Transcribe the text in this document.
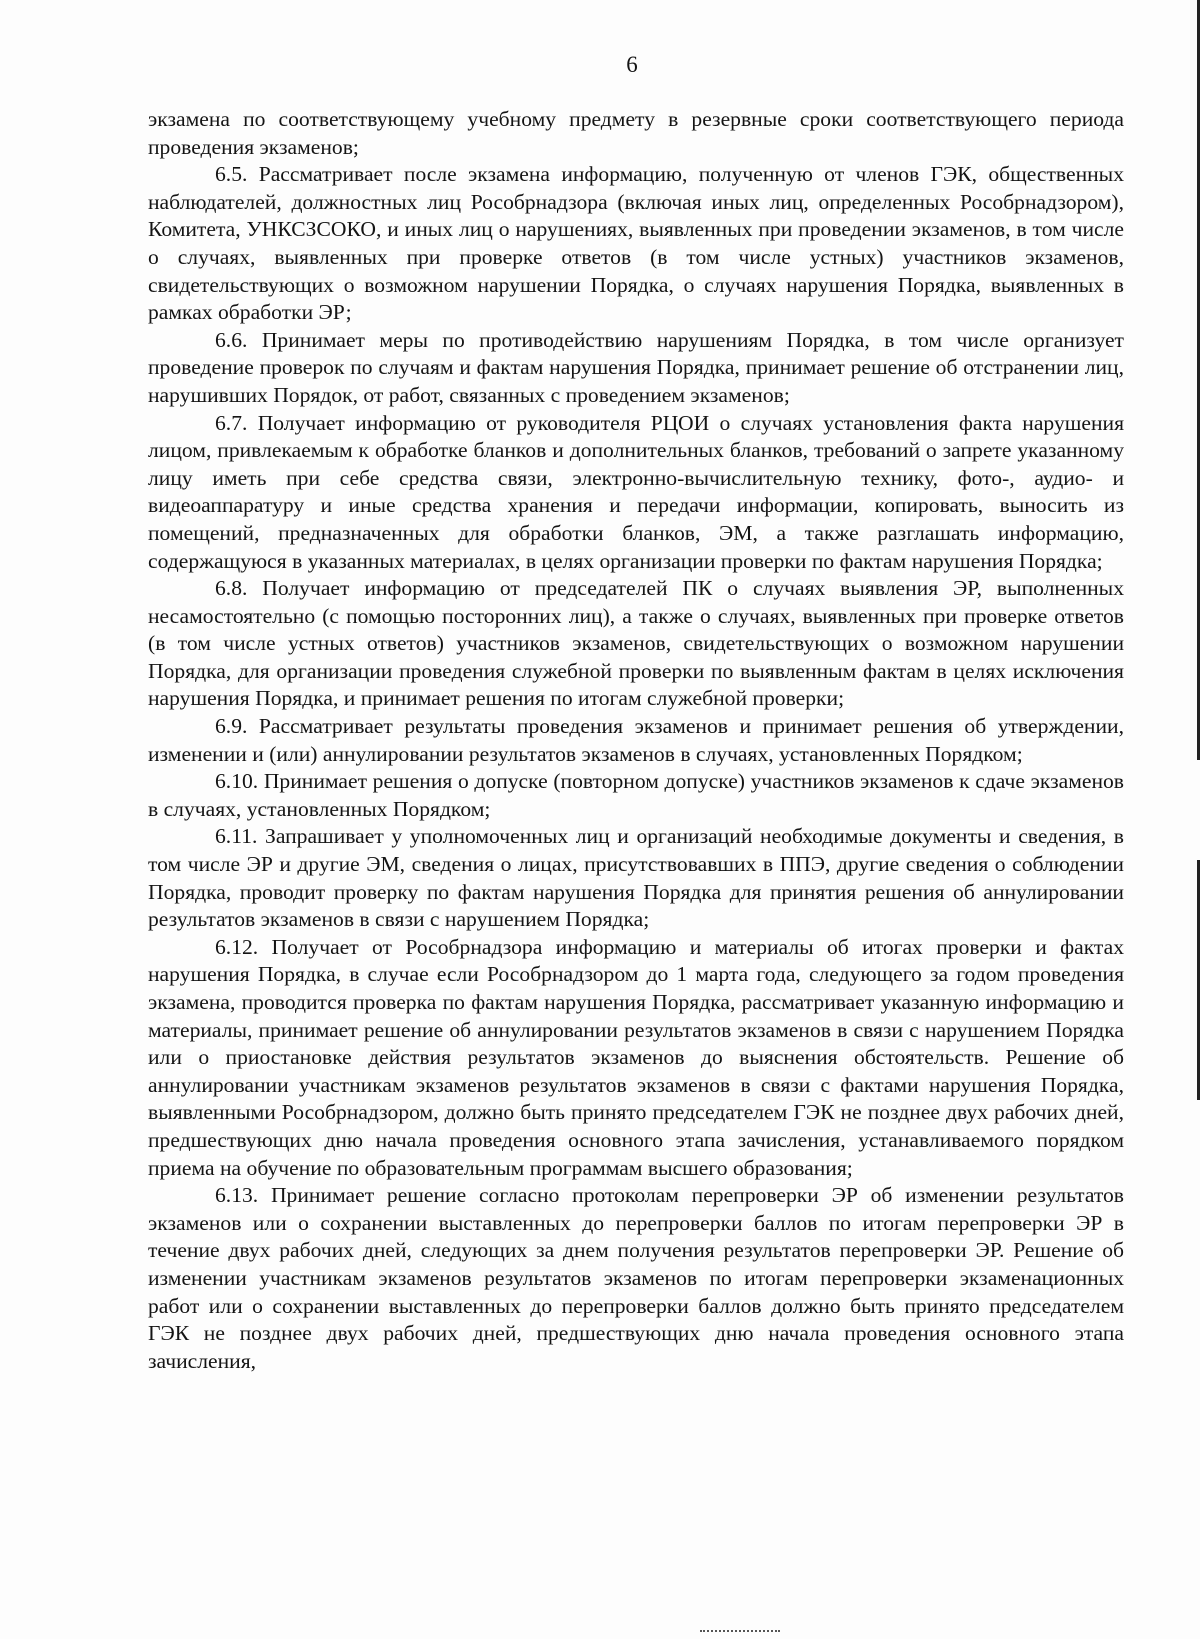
6

экзамена по соответствующему учебному предмету в резервные сроки соответствующего периода проведения экзаменов;

6.5. Рассматривает после экзамена информацию, полученную от членов ГЭК, общественных наблюдателей, должностных лиц Рособрнадзора (включая иных лиц, определенных Рособрнадзором), Комитета, УНКСЗСОКО, и иных лиц о нарушениях, выявленных при проведении экзаменов, в том числе о случаях, выявленных при проверке ответов (в том числе устных) участников экзаменов, свидетельствующих о возможном нарушении Порядка, о случаях нарушения Порядка, выявленных в рамках обработки ЭР;

6.6. Принимает меры по противодействию нарушениям Порядка, в том числе организует проведение проверок по случаям и фактам нарушения Порядка, принимает решение об отстранении лиц, нарушивших Порядок, от работ, связанных с проведением экзаменов;

6.7. Получает информацию от руководителя РЦОИ о случаях установления факта нарушения лицом, привлекаемым к обработке бланков и дополнительных бланков, требований о запрете указанному лицу иметь при себе средства связи, электронно-вычислительную технику, фото-, аудио- и видеоаппаратуру и иные средства хранения и передачи информации, копировать, выносить из помещений, предназначенных для обработки бланков, ЭМ, а также разглашать информацию, содержащуюся в указанных материалах, в целях организации проверки по фактам нарушения Порядка;

6.8. Получает информацию от председателей ПК о случаях выявления ЭР, выполненных несамостоятельно (с помощью посторонних лиц), а также о случаях, выявленных при проверке ответов (в том числе устных ответов) участников экзаменов, свидетельствующих о возможном нарушении Порядка, для организации проведения служебной проверки по выявленным фактам в целях исключения нарушения Порядка, и принимает решения по итогам служебной проверки;

6.9. Рассматривает результаты проведения экзаменов и принимает решения об утверждении, изменении и (или) аннулировании результатов экзаменов в случаях, установленных Порядком;

6.10. Принимает решения о допуске (повторном допуске) участников экзаменов к сдаче экзаменов в случаях, установленных Порядком;

6.11. Запрашивает у уполномоченных лиц и организаций необходимые документы и сведения, в том числе ЭР и другие ЭМ, сведения о лицах, присутствовавших в ППЭ, другие сведения о соблюдении Порядка, проводит проверку по фактам нарушения Порядка для принятия решения об аннулировании результатов экзаменов в связи с нарушением Порядка;

6.12. Получает от Рособрнадзора информацию и материалы об итогах проверки и фактах нарушения Порядка, в случае если Рособрнадзором до 1 марта года, следующего за годом проведения экзамена, проводится проверка по фактам нарушения Порядка, рассматривает указанную информацию и материалы, принимает решение об аннулировании результатов экзаменов в связи с нарушением Порядка или о приостановке действия результатов экзаменов до выяснения обстоятельств. Решение об аннулировании участникам экзаменов результатов экзаменов в связи с фактами нарушения Порядка, выявленными Рособрнадзором, должно быть принято председателем ГЭК не позднее двух рабочих дней, предшествующих дню начала проведения основного этапа зачисления, устанавливаемого порядком приема на обучение по образовательным программам высшего образования;

6.13. Принимает решение согласно протоколам перепроверки ЭР об изменении результатов экзаменов или о сохранении выставленных до перепроверки баллов по итогам перепроверки ЭР в течение двух рабочих дней, следующих за днем получения результатов перепроверки ЭР. Решение об изменении участникам экзаменов результатов экзаменов по итогам перепроверки экзаменационных работ или о сохранении выставленных до перепроверки баллов должно быть принято председателем ГЭК не позднее двух рабочих дней, предшествующих дню начала проведения основного этапа зачисления,
